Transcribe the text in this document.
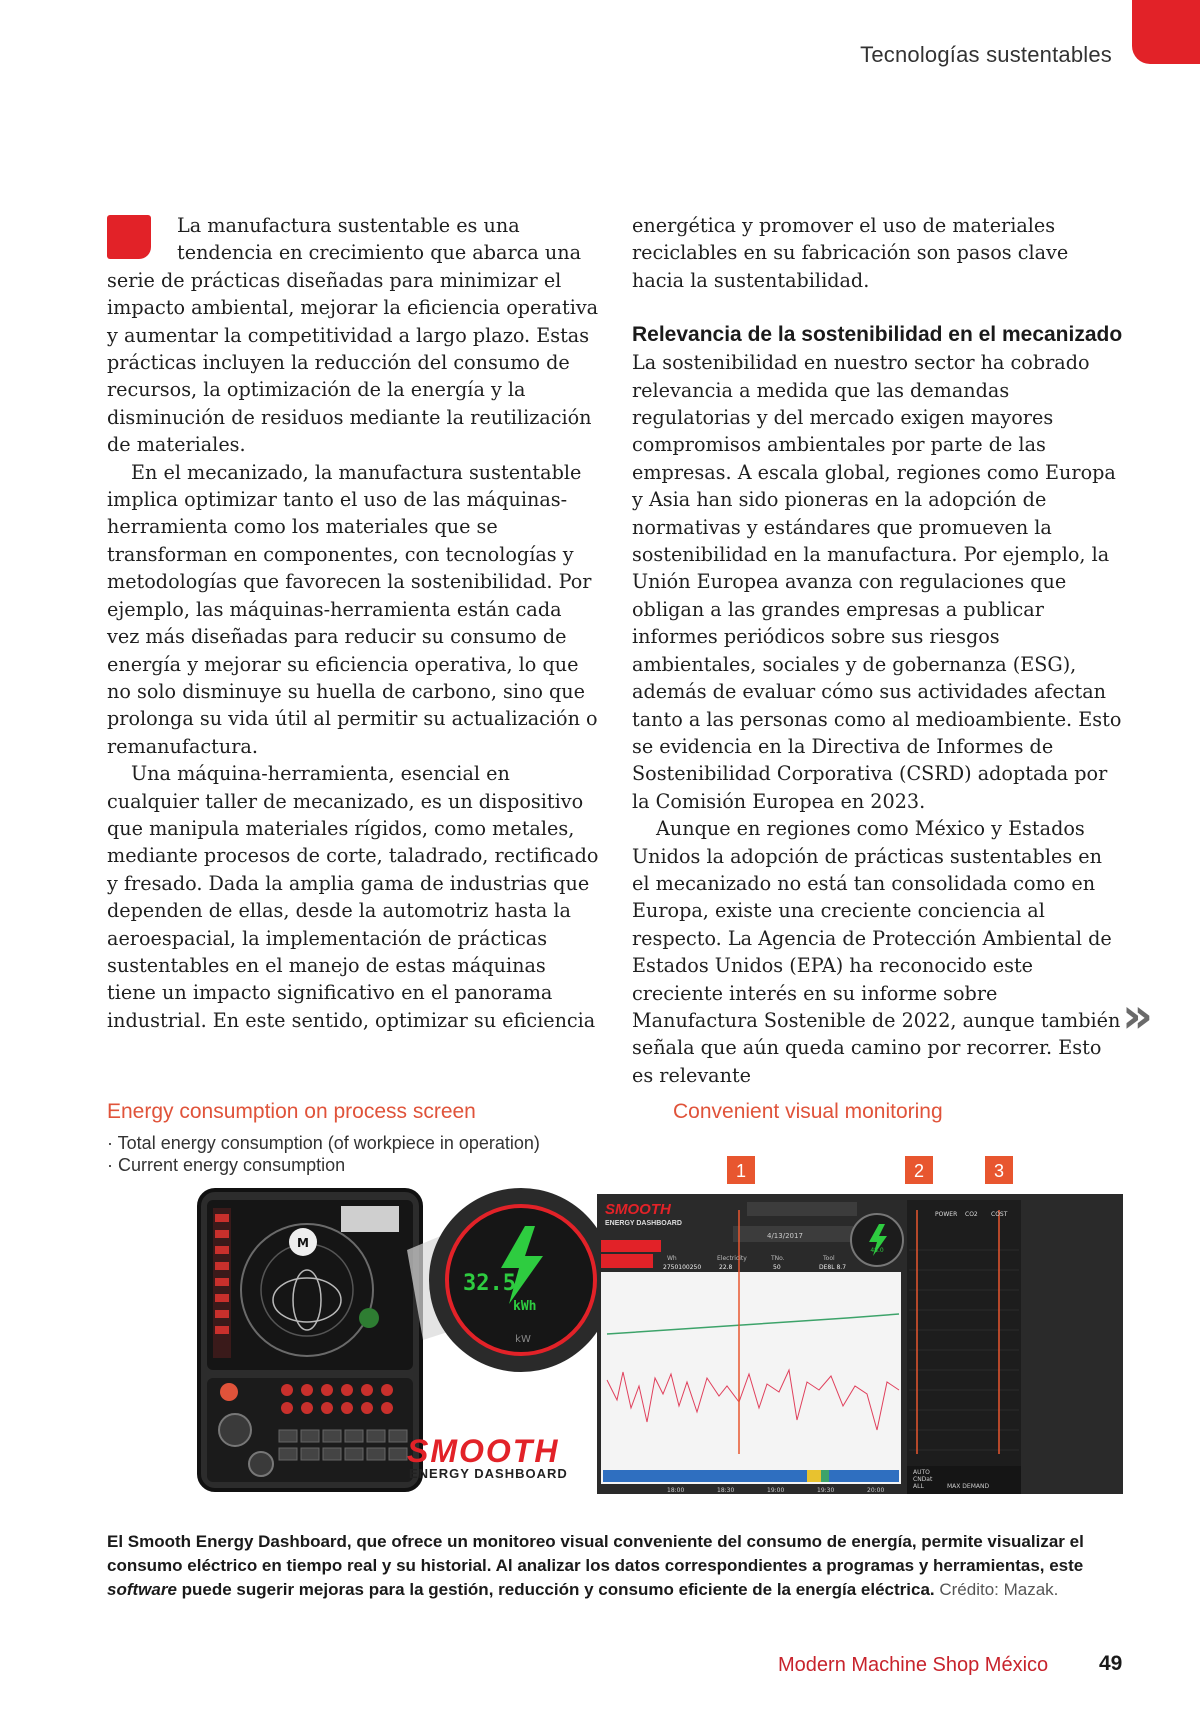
Tecnologías sustentables

La manufactura sustentable es una tendencia en crecimiento que abarca una serie de prácticas diseñadas para minimizar el impacto ambiental, mejorar la eficiencia operativa y aumentar la competitividad a largo plazo. Estas prácticas incluyen la reducción del consumo de recursos, la optimización de la energía y la disminución de residuos mediante la reutilización de materiales.

En el mecanizado, la manufactura sustentable implica optimizar tanto el uso de las máquinas-herramienta como los materiales que se transforman en componentes, con tecnologías y metodologías que favorecen la sostenibilidad. Por ejemplo, las máquinas-herramienta están cada vez más diseñadas para reducir su consumo de energía y mejorar su eficiencia operativa, lo que no solo disminuye su huella de carbono, sino que prolonga su vida útil al permitir su actualización o remanufactura.

Una máquina-herramienta, esencial en cualquier taller de mecanizado, es un dispositivo que manipula materiales rígidos, como metales, mediante procesos de corte, taladrado, rectificado y fresado. Dada la amplia gama de industrias que dependen de ellas, desde la automotriz hasta la aeroespacial, la implementación de prácticas sustentables en el manejo de estas máquinas tiene un impacto significativo en el panorama industrial. En este sentido, optimizar su eficiencia

energética y promover el uso de materiales reciclables en su fabricación son pasos clave hacia la sustentabilidad.

Relevancia de la sostenibilidad en el mecanizado

La sostenibilidad en nuestro sector ha cobrado relevancia a medida que las demandas regulatorias y del mercado exigen mayores compromisos ambientales por parte de las empresas. A escala global, regiones como Europa y Asia han sido pioneras en la adopción de normativas y estándares que promueven la sostenibilidad en la manufactura. Por ejemplo, la Unión Europea avanza con regulaciones que obligan a las grandes empresas a publicar informes periódicos sobre sus riesgos ambientales, sociales y de gobernanza (ESG), además de evaluar cómo sus actividades afectan tanto a las personas como al medioambiente. Esto se evidencia en la Directiva de Informes de Sostenibilidad Corporativa (CSRD) adoptada por la Comisión Europea en 2023.

Aunque en regiones como México y Estados Unidos la adopción de prácticas sustentables en el mecanizado no está tan consolidada como en Europa, existe una creciente conciencia al respecto. La Agencia de Protección Ambiental de Estados Unidos (EPA) ha reconocido este creciente interés en su informe sobre Manufactura Sostenible de 2022, aunque también señala que aún queda camino por recorrer. Esto es relevante

»
Energy consumption on process screen
· Total energy consumption (of workpiece in operation)
· Current energy consumption
Convenient visual monitoring
M
kW
32.5
kWh
SMOOTH
ENERGY DASHBOARD
1	2	3
SMOOTH
ENERGY DASHBOARD
4/13/2017
48.0
Wh	Electricity	TNo.	Tool
2750100250	22.8	50	DE8L 8.7
POWER CO2 COST
18:00	18:30	19:00	19:30	20:00
AUTO
CNDat
ALL	MAX DEMAND
El Smooth Energy Dashboard, que ofrece un monitoreo visual conveniente del consumo de energía, permite visualizar el consumo eléctrico en tiempo real y su historial. Al analizar los datos correspondientes a programas y herramientas, este software puede sugerir mejoras para la gestión, reducción y consumo eficiente de la energía eléctrica. Crédito: Mazak.
Modern Machine Shop México 49
